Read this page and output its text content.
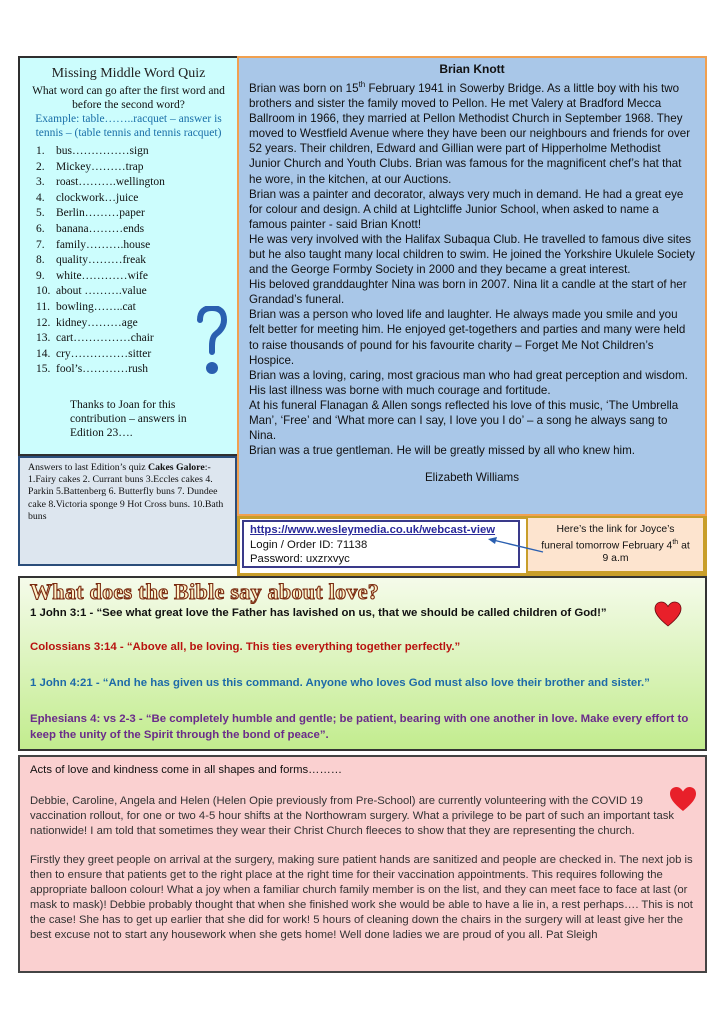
Missing Middle Word Quiz
What word can go after the first word and before the second word?
Example: table……..racquet – answer is tennis – (table tennis and tennis racquet)
1. bus……………sign
2. Mickey………trap
3. roast……….wellington
4. clockwork…juice
5. Berlin………paper
6. banana………ends
7. family……….house
8. quality………freak
9. white…………wife
10. about ……….value
11. bowling……..cat
12. kidney………age
13. cart……………chair
14. cry……………sitter
15. fool’s…………rush
Thanks to Joan for this contribution – answers in Edition 23….
Answers to last Edition’s quiz Cakes Galore:-
1.Fairy cakes 2. Currant buns 3.Eccles cakes 4. Parkin 5.Battenberg 6. Butterfly buns 7. Dundee cake 8.Victoria sponge 9 Hot Cross buns. 10.Bath buns
Brian Knott
Brian was born on 15th February 1941 in Sowerby Bridge. As a little boy with his two brothers and sister the family moved to Pellon. He met Valery at Bradford Mecca Ballroom in 1966, they married at Pellon Methodist Church in September 1968. They moved to Westfield Avenue where they have been our neighbours and friends for over 52 years. Their children, Edward and Gillian were part of Hipperholme Methodist Junior Church and Youth Clubs. Brian was famous for the magnificent chef’s hat that he wore, in the kitchen, at our Auctions.
Brian was a painter and decorator, always very much in demand. He had a great eye for colour and design. A child at Lightcliffe Junior School, when asked to name a famous painter - said Brian Knott!
He was very involved with the Halifax Subaqua Club. He travelled to famous dive sites but he also taught many local children to swim. He joined the Yorkshire Ukulele Society and the George Formby Society in 2000 and they became a great interest.
His beloved granddaughter Nina was born in 2007. Nina lit a candle at the start of her Grandad’s funeral.
Brian was a person who loved life and laughter. He always made you smile and you felt better for meeting him. He enjoyed get-togethers and parties and many were held to raise thousands of pound for his favourite charity – Forget Me Not Children’s Hospice.
Brian was a loving, caring, most gracious man who had great perception and wisdom. His last illness was borne with much courage and fortitude.
At his funeral Flanagan & Allen songs reflected his love of this music, ‘The Umbrella Man’, ‘Free’ and ‘What more can I say, I love you I do’ – a song he always sang to Nina.
Brian was a true gentleman. He will be greatly missed by all who knew him.
Elizabeth Williams
https://www.wesleymedia.co.uk/webcast-view
Login / Order ID: 71138
Password: uxzrxvyc
Here’s the link for Joyce’s funeral tomorrow February 4th at 9 a.m
What does the Bible say about love?
1 John 3:1 - “See what great love the Father has lavished on us, that we should be called children of God!”
Colossians 3:14 - “Above all, be loving. This ties everything together perfectly.”
1 John 4:21 - “And he has given us this command. Anyone who loves God must also love their brother and sister.”
Ephesians 4: vs 2-3 - “Be completely humble and gentle; be patient, bearing with one another in love. Make every effort to keep the unity of the Spirit through the bond of peace”.

Acts of love and kindness come in all shapes and forms………

Debbie, Caroline, Angela and Helen (Helen Opie previously from Pre-School) are currently volunteering with the COVID 19 vaccination rollout, for one or two 4-5 hour shifts at the Northowram surgery. What a privilege to be part of such an important task nationwide! I am told that sometimes they wear their Christ Church fleeces to show that they are representing the church.

Firstly they greet people on arrival at the surgery, making sure patient hands are sanitized and people are checked in. The next job is then to ensure that patients get to the right place at the right time for their vaccination appointments. This requires following the appropriate balloon colour! What a joy when a familiar church family member is on the list, and they can meet face to face at last (or mask to mask)! Debbie probably thought that when she finished work she would be able to have a lie in, a rest perhaps…. This is not the case! She has to get up earlier that she did for work! 5 hours of cleaning down the chairs in the surgery will at least give her the best excuse not to start any housework when she gets home! Well done ladies we are proud of you all. Pat Sleigh
